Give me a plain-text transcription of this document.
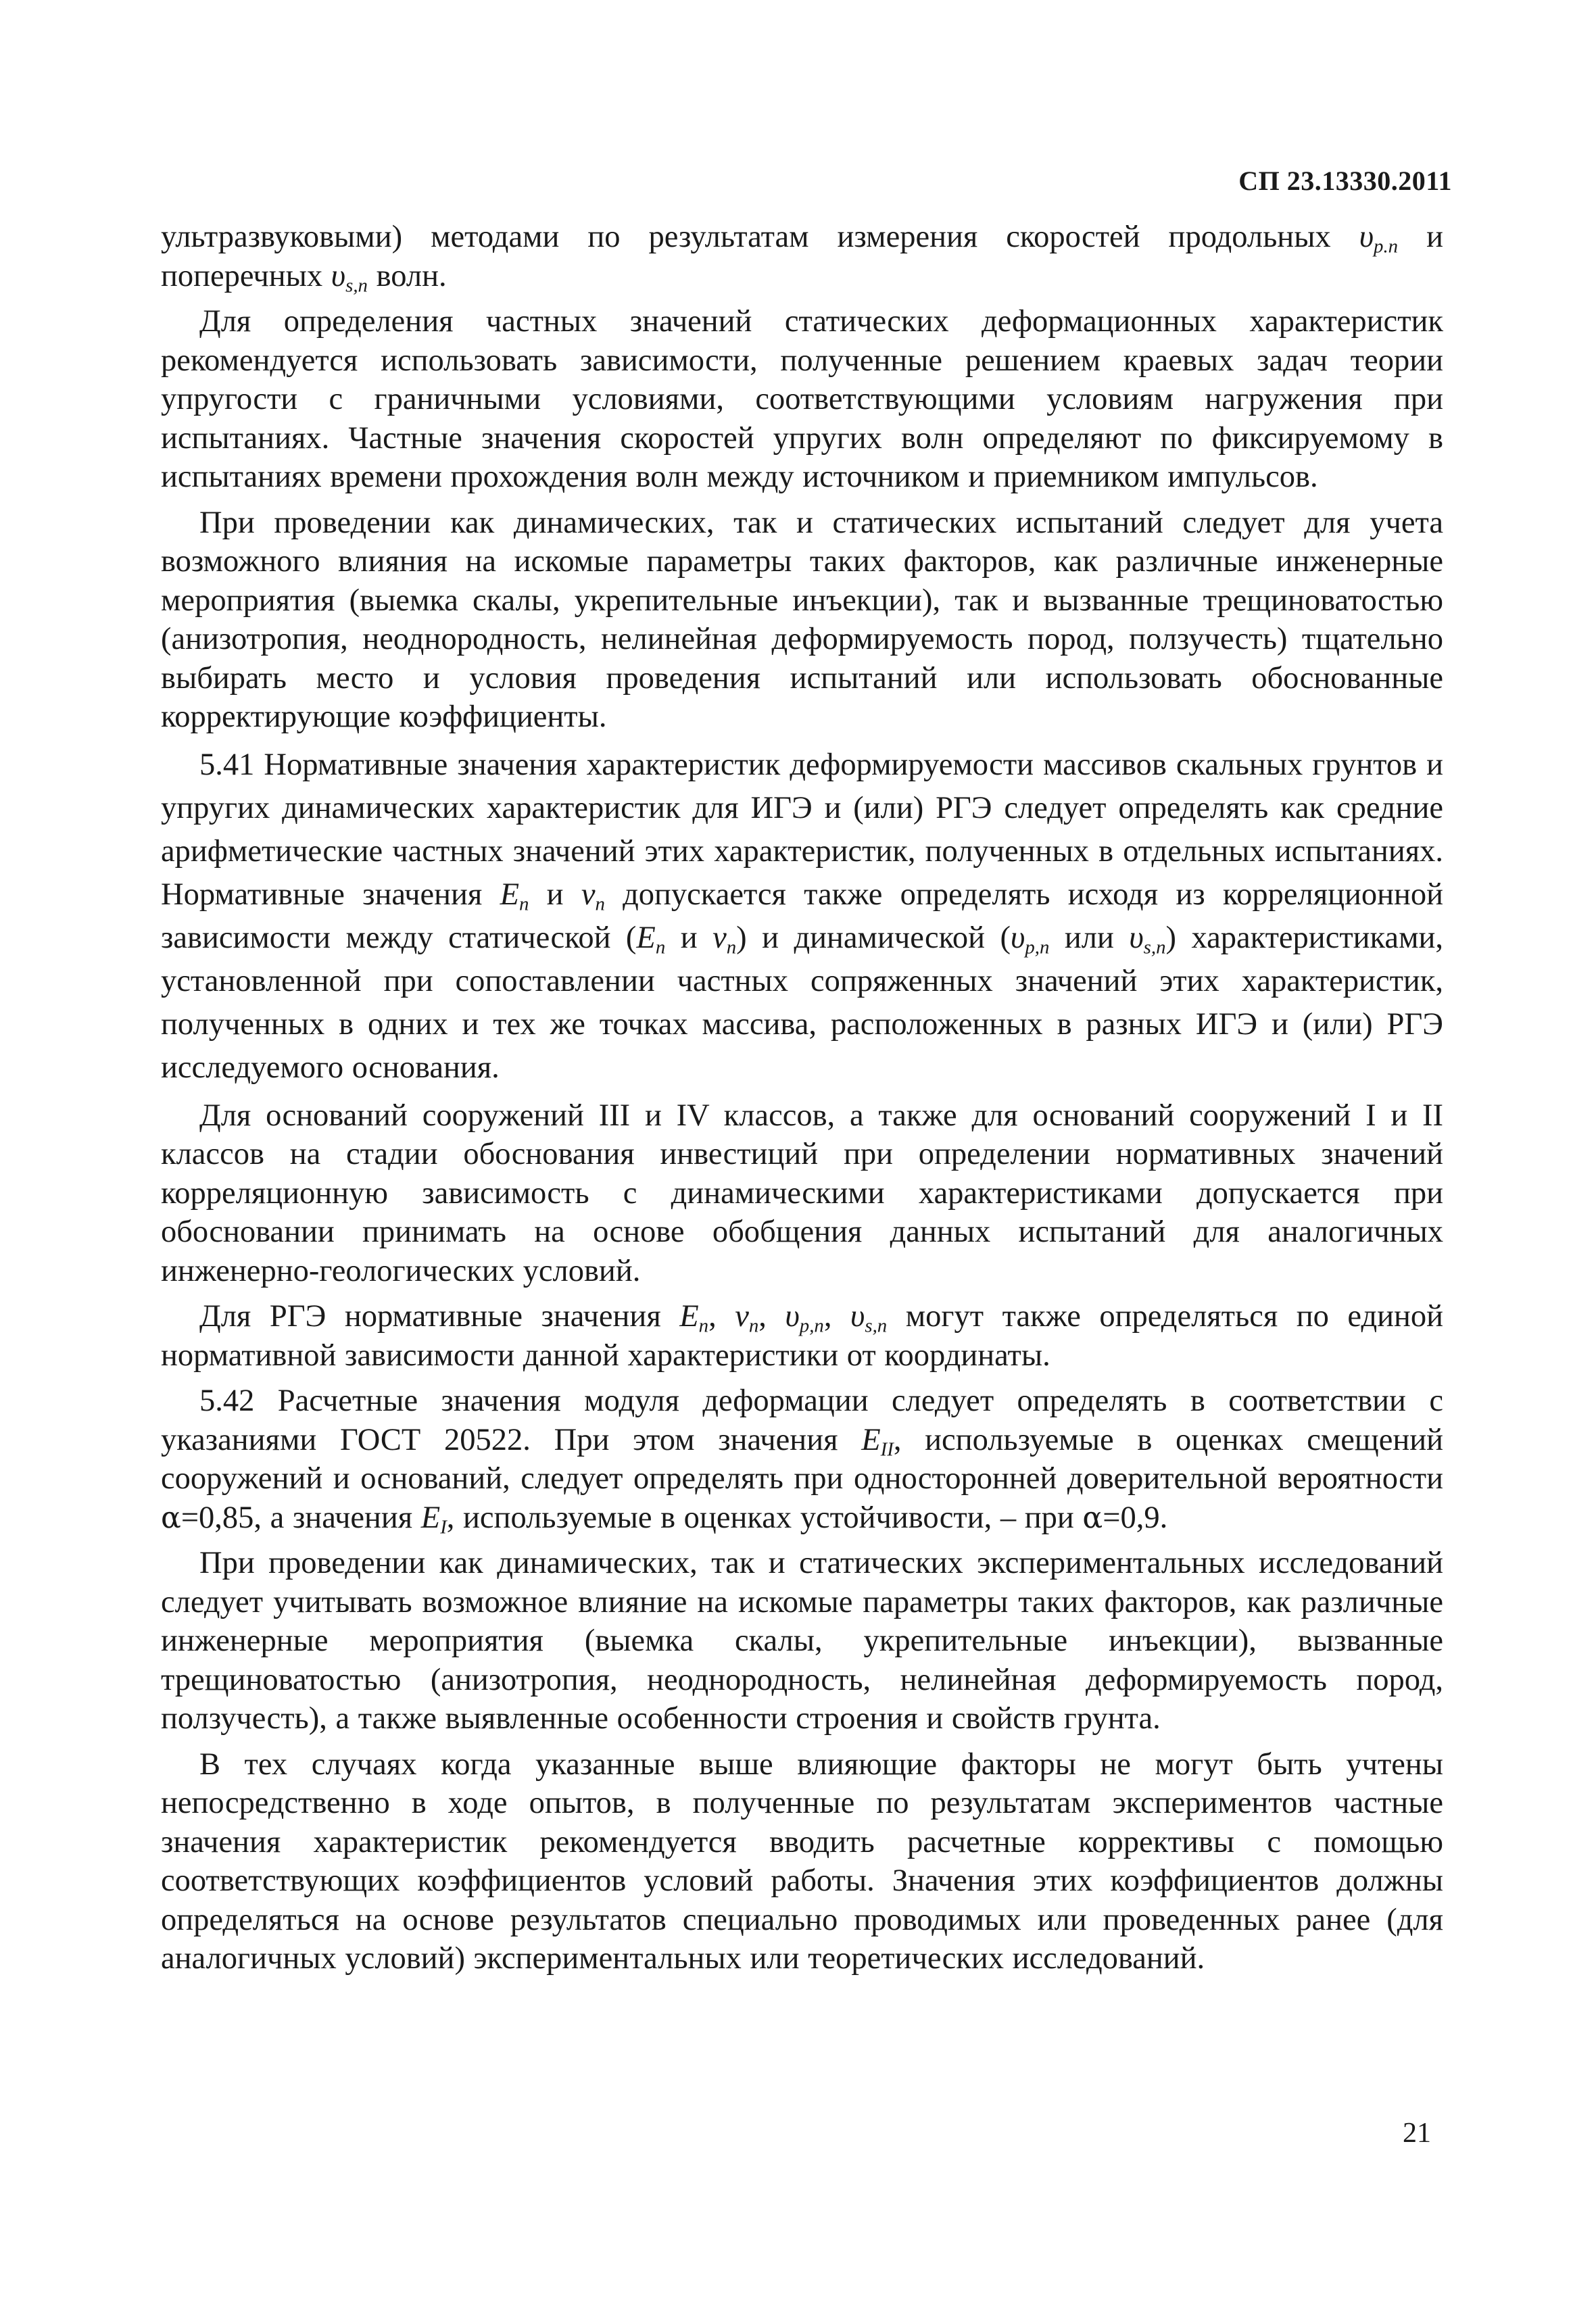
СП 23.13330.2011

ультразвуковыми) методами по результатам измерения скоростей продольных $\upsilon_{p.n}$ и поперечных $\upsilon_{s,n}$ волн.

Для определения частных значений статических деформационных характеристик рекомендуется использовать зависимости, полученные решением краевых задач теории упругости с граничными условиями, соответствующими условиям нагружения при испытаниях. Частные значения скоростей упругих волн определяют по фиксируемому в испытаниях времени прохождения волн между источником и приемником импульсов.

При проведении как динамических, так и статических испытаний следует для учета возможного влияния на искомые параметры таких факторов, как различные инженерные мероприятия (выемка скалы, укрепительные инъекции), так и вызванные трещиноватостью (анизотропия, неоднородность, нелинейная деформируемость пород, ползучесть) тщательно выбирать место и условия проведения испытаний или использовать обоснованные корректирующие коэффициенты.

5.41 Нормативные значения характеристик деформируемости массивов скальных грунтов и упругих динамических характеристик для ИГЭ и (или) РГЭ следует определять как средние арифметические частных значений этих характеристик, полученных в отдельных испытаниях. Нормативные значения $E_n$ и $\nu_n$ допускается также определять исходя из корреляционной зависимости между статической ($E_n$ и $\nu_n$) и динамической ($\upsilon_{p,n}$ или $\upsilon_{s,n}$) характеристиками, установленной при сопоставлении частных сопряженных значений этих характеристик, полученных в одних и тех же точках массива, расположенных в разных ИГЭ и (или) РГЭ исследуемого основания.

Для оснований сооружений III и IV классов, а также для оснований сооружений I и II классов на стадии обоснования инвестиций при определении нормативных значений корреляционную зависимость с динамическими характеристиками допускается при обосновании принимать на основе обобщения данных испытаний для аналогичных инженерно-геологических условий.

Для РГЭ нормативные значения $E_n$, $\nu_n$, $\upsilon_{p,n}$, $\upsilon_{s,n}$ могут также определяться по единой нормативной зависимости данной характеристики от координаты.

5.42 Расчетные значения модуля деформации следует определять в соответствии с указаниями ГОСТ 20522. При этом значения $E_{II}$, используемые в оценках смещений сооружений и оснований, следует определять при односторонней доверительной вероятности α=0,85, а значения $E_I$, используемые в оценках устойчивости, – при α=0,9.

При проведении как динамических, так и статических экспериментальных исследований следует учитывать возможное влияние на искомые параметры таких факторов, как различные инженерные мероприятия (выемка скалы, укрепительные инъекции), вызванные трещиноватостью (анизотропия, неоднородность, нелинейная деформируемость пород, ползучесть), а также выявленные особенности строения и свойств грунта.

В тех случаях когда указанные выше влияющие факторы не могут быть учтены непосредственно в ходе опытов, в полученные по результатам экспериментов частные значения характеристик рекомендуется вводить расчетные коррективы с помощью соответствующих коэффициентов условий работы. Значения этих коэффициентов должны определяться на основе результатов специально проводимых или проведенных ранее (для аналогичных условий) экспериментальных или теоретических исследований.

21
